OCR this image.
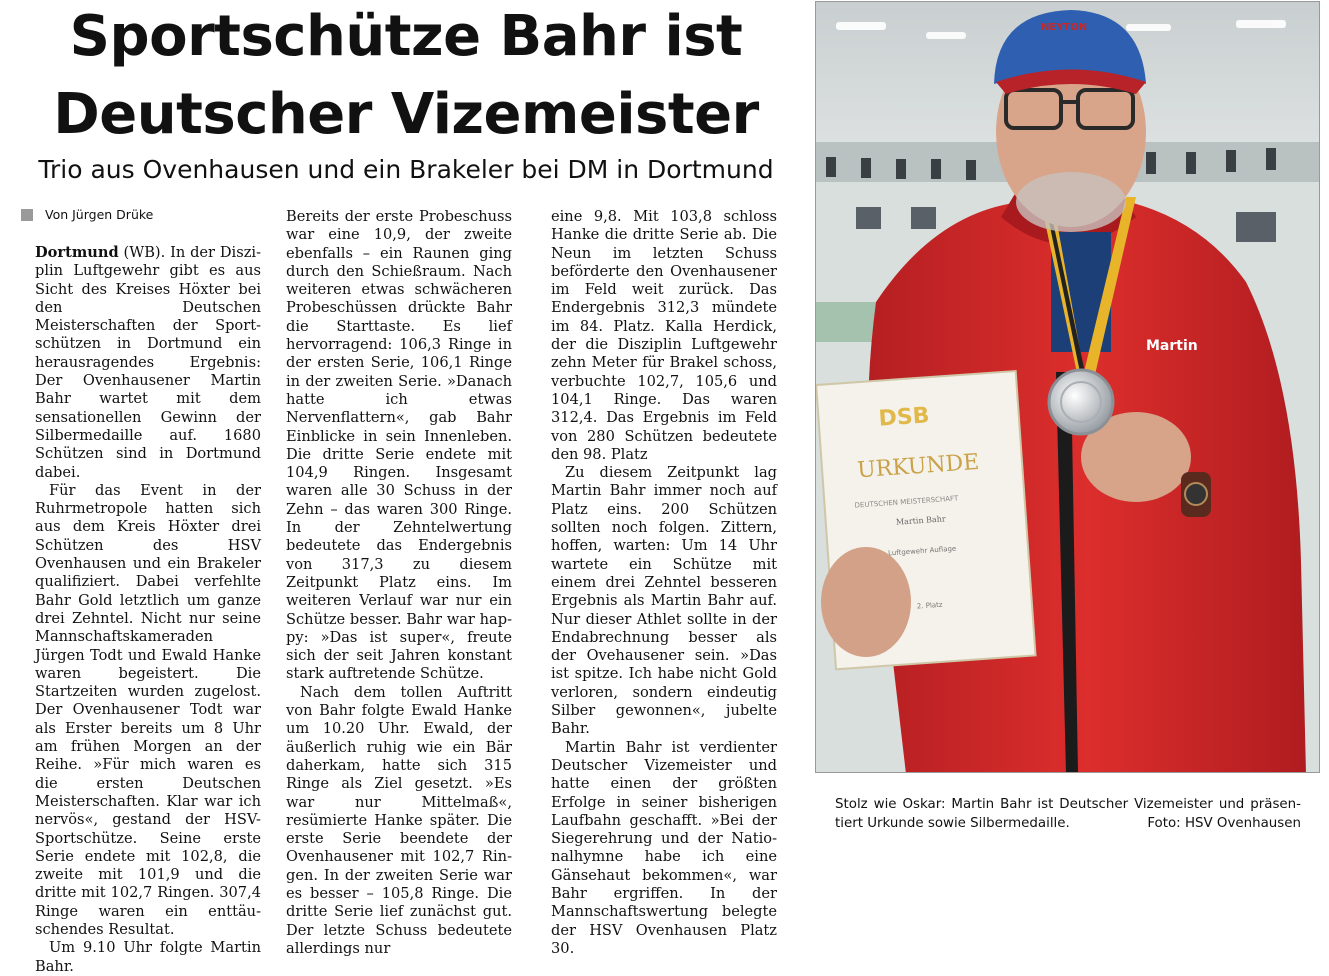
Sportschütze Bahr ist
Deutscher Vizemeister
Trio aus Ovenhausen und ein Brakeler bei DM in Dortmund
Von Jürgen Drüke

Dortmund (WB). In der Disziplin Luftgewehr gibt es aus Sicht des Kreises Höxter bei den Deutschen Meisterschaften der Sportschützen in Dortmund ein herausragendes Ergebnis: Der Ovenhausener Martin Bahr wartet mit dem sensationellen Gewinn der Silbermedaille auf. 1680 Schützen sind in Dortmund dabei.

Für das Event in der Ruhrmetropole hatten sich aus dem Kreis Höxter drei Schützen des HSV Ovenhausen und ein Brakeler qualifiziert. Dabei verfehlte Bahr Gold letztlich um ganze drei Zehntel. Nicht nur seine Mannschaftskameraden Jürgen Todt und Ewald Hanke waren begeistert. Die Startzeiten wurden zugelost. Der Ovenhausener Todt war als Erster bereits um 8 Uhr am frühen Morgen an der Reihe. »Für mich waren es die ersten Deutschen Meisterschaften. Klar war ich nervös«, gestand der HSV-Sportschütze. Seine erste Serie endete mit 102,8, die zweite mit 101,9 und die dritte mit 102,7 Ringen. 307,4 Ringe waren ein enttäuschendes Resultat.

Um 9.10 Uhr folgte Martin Bahr.

Bereits der erste Probeschuss war eine 10,9, der zweite ebenfalls – ein Raunen ging durch den Schießraum. Nach weiteren etwas schwächeren Probeschüssen drückte Bahr die Starttaste. Es lief hervorragend: 106,3 Ringe in der ersten Serie, 106,1 Ringe in der zweiten Serie. »Danach hatte ich etwas Nervenflattern«, gab Bahr Einblicke in sein Innenleben. Die dritte Serie endete mit 104,9 Ringen. Insgesamt waren alle 30 Schuss in der Zehn – das waren 300 Ringe. In der Zehntelwertung bedeutete das Endergebnis von 317,3 zu diesem Zeitpunkt Platz eins. Im weiteren Verlauf war nur ein Schütze besser. Bahr war happy: »Das ist super«, freute sich der seit Jahren konstant stark auftretende Schütze.

Nach dem tollen Auftritt von Bahr folgte Ewald Hanke um 10.20 Uhr. Ewald, der äußerlich ruhig wie ein Bär daherkam, hatte sich 315 Ringe als Ziel gesetzt. »Es war nur Mittelmaß«, resümierte Hanke später. Die erste Serie beendete der Ovenhausener mit 102,7 Ringen. In der zweiten Serie war es besser – 105,8 Ringe. Die dritte Serie lief zunächst gut. Der letzte Schuss bedeutete allerdings nur

eine 9,8. Mit 103,8 schloss Hanke die dritte Serie ab. Die Neun im letzten Schuss beförderte den Ovenhausener im Feld weit zurück. Das Endergebnis 312,3 mündete im 84. Platz. Kalla Herdick, der die Disziplin Luftgewehr zehn Meter für Brakel schoss, verbuchte 102,7, 105,6 und 104,1 Ringe. Das waren 312,4. Das Ergebnis im Feld von 280 Schützen bedeutete den 98. Platz

Zu diesem Zeitpunkt lag Martin Bahr immer noch auf Platz eins. 200 Schützen sollten noch folgen. Zittern, hoffen, warten: Um 14 Uhr wartete ein Schütze mit einem drei Zehntel besseren Ergebnis als Martin Bahr auf. Nur dieser Athlet sollte in der Endabrechnung besser als der Ovehausener sein. »Das ist spitze. Ich habe nicht Gold verloren, sondern eindeutig Silber gewonnen«, jubelte Bahr.

Martin Bahr ist verdienter Deutscher Vizemeister und hatte einen der größten Erfolge in seiner bisherigen Laufbahn geschafft. »Bei der Siegerehrung und der Nationalhymne habe ich eine Gänsehaut bekommen«, war Bahr ergriffen. In der Mannschaftswertung belegte der HSV Ovenhausen Platz 30.

Martin
NEYTON
DSB
URKUNDE
DEUTSCHEN MEISTERSCHAFT
Martin Bahr
Luftgewehr Auflage
2. Platz
Stolz wie Oskar: Martin Bahr ist Deutscher Vizemeister und präsentiert Urkunde sowie Silbermedaille.	Foto: HSV Ovenhausen
